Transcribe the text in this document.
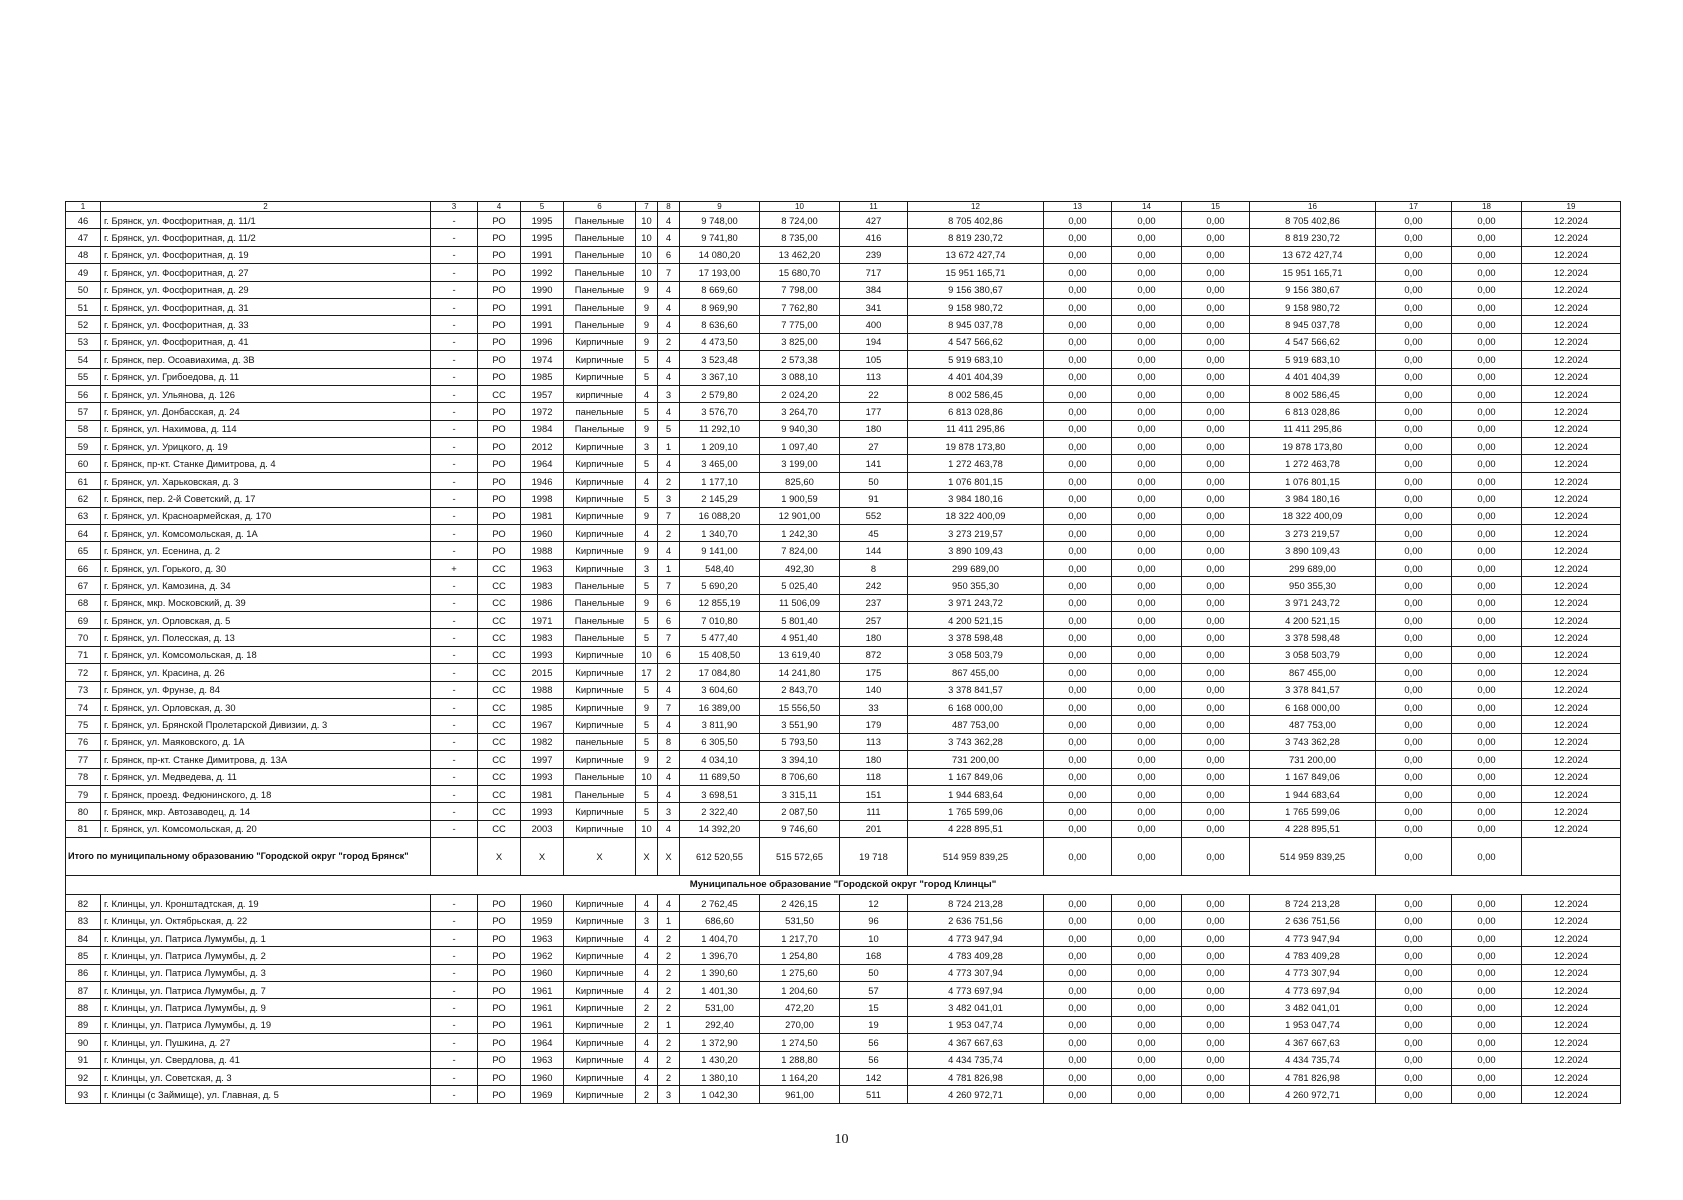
1	2	3	4	5	6	7	8	9	10	11	12	13	14	15	16	17	18	19
46	г. Брянск, ул. Фосфоритная, д. 11/1	-	РО	1995	Панельные	10	4	9 748,00	8 724,00	427	8 705 402,86	0,00	0,00	0,00	8 705 402,86	0,00	0,00	12.2024
47	г. Брянск, ул. Фосфоритная, д. 11/2	-	РО	1995	Панельные	10	4	9 741,80	8 735,00	416	8 819 230,72	0,00	0,00	0,00	8 819 230,72	0,00	0,00	12.2024
48	г. Брянск, ул. Фосфоритная, д. 19	-	РО	1991	Панельные	10	6	14 080,20	13 462,20	239	13 672 427,74	0,00	0,00	0,00	13 672 427,74	0,00	0,00	12.2024
49	г. Брянск, ул. Фосфоритная, д. 27	-	РО	1992	Панельные	10	7	17 193,00	15 680,70	717	15 951 165,71	0,00	0,00	0,00	15 951 165,71	0,00	0,00	12.2024
50	г. Брянск, ул. Фосфоритная, д. 29	-	РО	1990	Панельные	9	4	8 669,60	7 798,00	384	9 156 380,67	0,00	0,00	0,00	9 156 380,67	0,00	0,00	12.2024
51	г. Брянск, ул. Фосфоритная, д. 31	-	РО	1991	Панельные	9	4	8 969,90	7 762,80	341	9 158 980,72	0,00	0,00	0,00	9 158 980,72	0,00	0,00	12.2024
52	г. Брянск, ул. Фосфоритная, д. 33	-	РО	1991	Панельные	9	4	8 636,60	7 775,00	400	8 945 037,78	0,00	0,00	0,00	8 945 037,78	0,00	0,00	12.2024
53	г. Брянск, ул. Фосфоритная, д. 41	-	РО	1996	Кирпичные	9	2	4 473,50	3 825,00	194	4 547 566,62	0,00	0,00	0,00	4 547 566,62	0,00	0,00	12.2024
54	г. Брянск, пер. Осоавиахима, д. 3В	-	РО	1974	Кирпичные	5	4	3 523,48	2 573,38	105	5 919 683,10	0,00	0,00	0,00	5 919 683,10	0,00	0,00	12.2024
55	г. Брянск, ул. Грибоедова, д. 11	-	РО	1985	Кирпичные	5	4	3 367,10	3 088,10	113	4 401 404,39	0,00	0,00	0,00	4 401 404,39	0,00	0,00	12.2024
56	г. Брянск, ул. Ульянова, д. 126	-	СС	1957	кирпичные	4	3	2 579,80	2 024,20	22	8 002 586,45	0,00	0,00	0,00	8 002 586,45	0,00	0,00	12.2024
57	г. Брянск, ул. Донбасская, д. 24	-	РО	1972	панельные	5	4	3 576,70	3 264,70	177	6 813 028,86	0,00	0,00	0,00	6 813 028,86	0,00	0,00	12.2024
58	г. Брянск, ул. Нахимова, д. 114	-	РО	1984	Панельные	9	5	11 292,10	9 940,30	180	11 411 295,86	0,00	0,00	0,00	11 411 295,86	0,00	0,00	12.2024
59	г. Брянск, ул. Урицкого, д. 19	-	РО	2012	Кирпичные	3	1	1 209,10	1 097,40	27	19 878 173,80	0,00	0,00	0,00	19 878 173,80	0,00	0,00	12.2024
60	г. Брянск, пр-кт. Станке Димитрова, д. 4	-	РО	1964	Кирпичные	5	4	3 465,00	3 199,00	141	1 272 463,78	0,00	0,00	0,00	1 272 463,78	0,00	0,00	12.2024
61	г. Брянск, ул. Харьковская, д. 3	-	РО	1946	Кирпичные	4	2	1 177,10	825,60	50	1 076 801,15	0,00	0,00	0,00	1 076 801,15	0,00	0,00	12.2024
62	г. Брянск, пер. 2-й Советский, д. 17	-	РО	1998	Кирпичные	5	3	2 145,29	1 900,59	91	3 984 180,16	0,00	0,00	0,00	3 984 180,16	0,00	0,00	12.2024
63	г. Брянск, ул. Красноармейская, д. 170	-	РО	1981	Кирпичные	9	7	16 088,20	12 901,00	552	18 322 400,09	0,00	0,00	0,00	18 322 400,09	0,00	0,00	12.2024
64	г. Брянск, ул. Комсомольская, д. 1А	-	РО	1960	Кирпичные	4	2	1 340,70	1 242,30	45	3 273 219,57	0,00	0,00	0,00	3 273 219,57	0,00	0,00	12.2024
65	г. Брянск, ул. Есенина, д. 2	-	РО	1988	Кирпичные	9	4	9 141,00	7 824,00	144	3 890 109,43	0,00	0,00	0,00	3 890 109,43	0,00	0,00	12.2024
66	г. Брянск, ул. Горького, д. 30	+	СС	1963	Кирпичные	3	1	548,40	492,30	8	299 689,00	0,00	0,00	0,00	299 689,00	0,00	0,00	12.2024
67	г. Брянск, ул. Камозина, д. 34	-	СС	1983	Панельные	5	7	5 690,20	5 025,40	242	950 355,30	0,00	0,00	0,00	950 355,30	0,00	0,00	12.2024
68	г. Брянск, мкр. Московский, д. 39	-	СС	1986	Панельные	9	6	12 855,19	11 506,09	237	3 971 243,72	0,00	0,00	0,00	3 971 243,72	0,00	0,00	12.2024
69	г. Брянск, ул. Орловская, д. 5	-	СС	1971	Панельные	5	6	7 010,80	5 801,40	257	4 200 521,15	0,00	0,00	0,00	4 200 521,15	0,00	0,00	12.2024
70	г. Брянск, ул. Полесская, д. 13	-	СС	1983	Панельные	5	7	5 477,40	4 951,40	180	3 378 598,48	0,00	0,00	0,00	3 378 598,48	0,00	0,00	12.2024
71	г. Брянск, ул. Комсомольская, д. 18	-	СС	1993	Кирпичные	10	6	15 408,50	13 619,40	872	3 058 503,79	0,00	0,00	0,00	3 058 503,79	0,00	0,00	12.2024
72	г. Брянск, ул. Красина, д. 26	-	СС	2015	Кирпичные	17	2	17 084,80	14 241,80	175	867 455,00	0,00	0,00	0,00	867 455,00	0,00	0,00	12.2024
73	г. Брянск, ул. Фрунзе, д. 84	-	СС	1988	Кирпичные	5	4	3 604,60	2 843,70	140	3 378 841,57	0,00	0,00	0,00	3 378 841,57	0,00	0,00	12.2024
74	г. Брянск, ул. Орловская, д. 30	-	СС	1985	Кирпичные	9	7	16 389,00	15 556,50	33	6 168 000,00	0,00	0,00	0,00	6 168 000,00	0,00	0,00	12.2024
75	г. Брянск, ул. Брянской Пролетарской Дивизии, д. 3	-	СС	1967	Кирпичные	5	4	3 811,90	3 551,90	179	487 753,00	0,00	0,00	0,00	487 753,00	0,00	0,00	12.2024
76	г. Брянск, ул. Маяковского, д. 1А	-	СС	1982	панельные	5	8	6 305,50	5 793,50	113	3 743 362,28	0,00	0,00	0,00	3 743 362,28	0,00	0,00	12.2024
77	г. Брянск, пр-кт. Станке Димитрова, д. 13А	-	СС	1997	Кирпичные	9	2	4 034,10	3 394,10	180	731 200,00	0,00	0,00	0,00	731 200,00	0,00	0,00	12.2024
78	г. Брянск, ул. Медведева, д. 11	-	СС	1993	Панельные	10	4	11 689,50	8 706,60	118	1 167 849,06	0,00	0,00	0,00	1 167 849,06	0,00	0,00	12.2024
79	г. Брянск, проезд. Федюнинского, д. 18	-	СС	1981	Панельные	5	4	3 698,51	3 315,11	151	1 944 683,64	0,00	0,00	0,00	1 944 683,64	0,00	0,00	12.2024
80	г. Брянск, мкр. Автозаводец, д. 14	-	СС	1993	Кирпичные	5	3	2 322,40	2 087,50	111	1 765 599,06	0,00	0,00	0,00	1 765 599,06	0,00	0,00	12.2024
81	г. Брянск, ул. Комсомольская, д. 20	-	СС	2003	Кирпичные	10	4	14 392,20	9 746,60	201	4 228 895,51	0,00	0,00	0,00	4 228 895,51	0,00	0,00	12.2024
Итого по муниципальному образованию "Городской округ "город Брянск"			X	X	X	X	X	612 520,55	515 572,65	19 718	514 959 839,25	0,00	0,00	0,00	514 959 839,25	0,00	0,00	
Муниципальное образование "Городской округ "город Клинцы"																		
82	г. Клинцы, ул. Кронштадтская, д. 19	-	РО	1960	Кирпичные	4	4	2 762,45	2 426,15	12	8 724 213,28	0,00	0,00	0,00	8 724 213,28	0,00	0,00	12.2024
83	г. Клинцы, ул. Октябрьская, д. 22	-	РО	1959	Кирпичные	3	1	686,60	531,50	96	2 636 751,56	0,00	0,00	0,00	2 636 751,56	0,00	0,00	12.2024
84	г. Клинцы, ул. Патриса Лумумбы, д. 1	-	РО	1963	Кирпичные	4	2	1 404,70	1 217,70	10	4 773 947,94	0,00	0,00	0,00	4 773 947,94	0,00	0,00	12.2024
85	г. Клинцы, ул. Патриса Лумумбы, д. 2	-	РО	1962	Кирпичные	4	2	1 396,70	1 254,80	168	4 783 409,28	0,00	0,00	0,00	4 783 409,28	0,00	0,00	12.2024
86	г. Клинцы, ул. Патриса Лумумбы, д. 3	-	РО	1960	Кирпичные	4	2	1 390,60	1 275,60	50	4 773 307,94	0,00	0,00	0,00	4 773 307,94	0,00	0,00	12.2024
87	г. Клинцы, ул. Патриса Лумумбы, д. 7	-	РО	1961	Кирпичные	4	2	1 401,30	1 204,60	57	4 773 697,94	0,00	0,00	0,00	4 773 697,94	0,00	0,00	12.2024
88	г. Клинцы, ул. Патриса Лумумбы, д. 9	-	РО	1961	Кирпичные	2	2	531,00	472,20	15	3 482 041,01	0,00	0,00	0,00	3 482 041,01	0,00	0,00	12.2024
89	г. Клинцы, ул. Патриса Лумумбы, д. 19	-	РО	1961	Кирпичные	2	1	292,40	270,00	19	1 953 047,74	0,00	0,00	0,00	1 953 047,74	0,00	0,00	12.2024
90	г. Клинцы, ул. Пушкина, д. 27	-	РО	1964	Кирпичные	4	2	1 372,90	1 274,50	56	4 367 667,63	0,00	0,00	0,00	4 367 667,63	0,00	0,00	12.2024
91	г. Клинцы, ул. Свердлова, д. 41	-	РО	1963	Кирпичные	4	2	1 430,20	1 288,80	56	4 434 735,74	0,00	0,00	0,00	4 434 735,74	0,00	0,00	12.2024
92	г. Клинцы, ул. Советская, д. 3	-	РО	1960	Кирпичные	4	2	1 380,10	1 164,20	142	4 781 826,98	0,00	0,00	0,00	4 781 826,98	0,00	0,00	12.2024
93	г. Клинцы (с Займище), ул. Главная, д. 5	-	РО	1969	Кирпичные	2	3	1 042,30	961,00	511	4 260 972,71	0,00	0,00	0,00	4 260 972,71	0,00	0,00	12.2024
10
